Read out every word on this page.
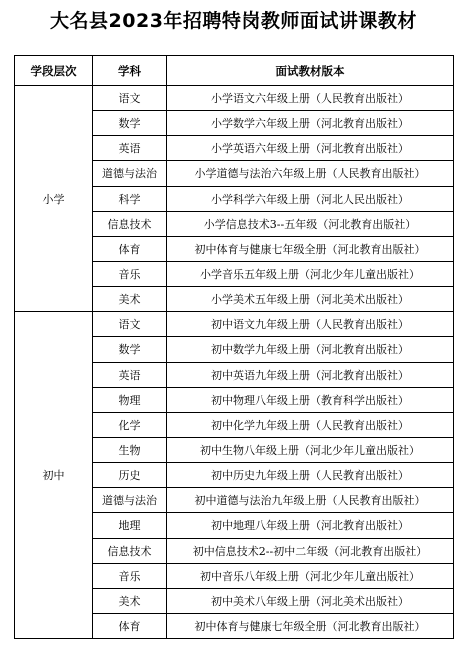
大名县2023年招聘特岗教师面试讲课教材
学段层次	学科	面试教材版本
小学	语文	小学语文六年级上册（人民教育出版社）
	数学	小学数学六年级上册（河北教育出版社）
	英语	小学英语六年级上册（河北教育出版社）
	道德与法治	小学道德与法治六年级上册（人民教育出版社）
	科学	小学科学六年级上册（河北人民出版社）
	信息技术	小学信息技术3--五年级（河北教育出版社）
	体育	初中体育与健康七年级全册（河北教育出版社）
	音乐	小学音乐五年级上册（河北少年儿童出版社）
	美术	小学美术五年级上册（河北美术出版社）
初中	语文	初中语文九年级上册（人民教育出版社）
	数学	初中数学九年级上册（河北教育出版社）
	英语	初中英语九年级上册（河北教育出版社）
	物理	初中物理八年级上册（教育科学出版社）
	化学	初中化学九年级上册（人民教育出版社）
	生物	初中生物八年级上册（河北少年儿童出版社）
	历史	初中历史九年级上册（人民教育出版社）
	道德与法治	初中道德与法治九年级上册（人民教育出版社）
	地理	初中地理八年级上册（河北教育出版社）
	信息技术	初中信息技术2--初中二年级（河北教育出版社）
	音乐	初中音乐八年级上册（河北少年儿童出版社）
	美术	初中美术八年级上册（河北美术出版社）
	体育	初中体育与健康七年级全册（河北教育出版社）
